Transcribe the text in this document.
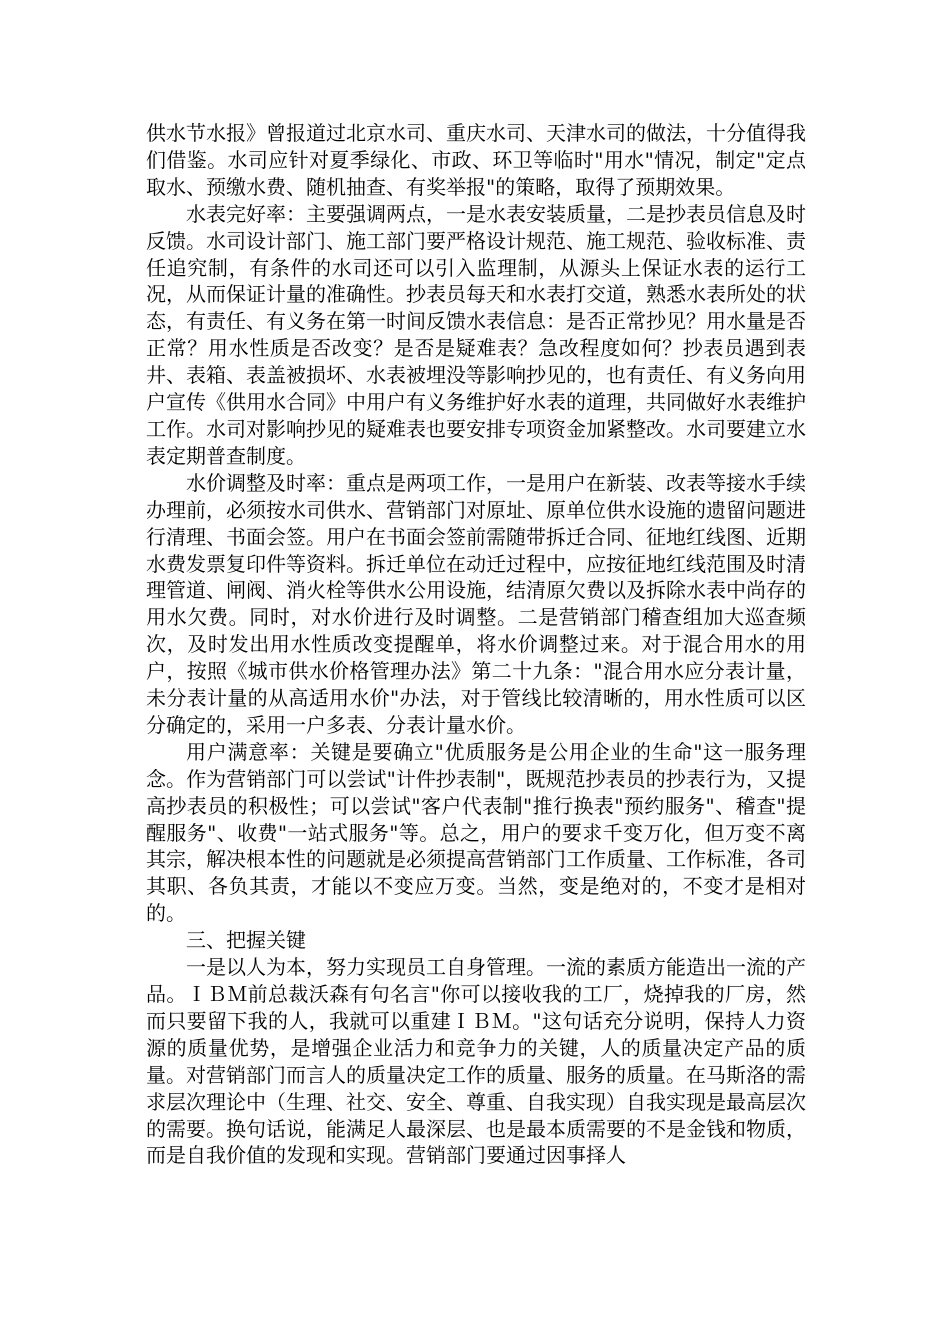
供水节水报》曾报道过北京水司、重庆水司、天津水司的做法，十分值得我们借鉴。水司应针对夏季绿化、市政、环卫等临时"用水"情况，制定"定点取水、预缴水费、随机抽查、有奖举报"的策略，取得了预期效果。

水表完好率：主要强调两点，一是水表安装质量，二是抄表员信息及时反馈。水司设计部门、施工部门要严格设计规范、施工规范、验收标准、责任追究制，有条件的水司还可以引入监理制，从源头上保证水表的运行工况，从而保证计量的准确性。抄表员每天和水表打交道，熟悉水表所处的状态，有责任、有义务在第一时间反馈水表信息：是否正常抄见？用水量是否正常？用水性质是否改变？是否是疑难表？急改程度如何？抄表员遇到表井、表箱、表盖被损坏、水表被埋没等影响抄见的，也有责任、有义务向用户宣传《供用水合同》中用户有义务维护好水表的道理，共同做好水表维护工作。水司对影响抄见的疑难表也要安排专项资金加紧整改。水司要建立水表定期普查制度。

水价调整及时率：重点是两项工作，一是用户在新装、改表等接水手续办理前，必须按水司供水、营销部门对原址、原单位供水设施的遗留问题进行清理、书面会签。用户在书面会签前需随带拆迁合同、征地红线图、近期水费发票复印件等资料。拆迁单位在动迁过程中，应按征地红线范围及时清理管道、闸阀、消火栓等供水公用设施，结清原欠费以及拆除水表中尚存的用水欠费。同时，对水价进行及时调整。二是营销部门稽查组加大巡查频次，及时发出用水性质改变提醒单，将水价调整过来。对于混合用水的用户，按照《城市供水价格管理办法》第二十九条："混合用水应分表计量，未分表计量的从高适用水价"办法，对于管线比较清晰的，用水性质可以区分确定的，采用一户多表、分表计量水价。

用户满意率：关键是要确立"优质服务是公用企业的生命"这一服务理念。作为营销部门可以尝试"计件抄表制"，既规范抄表员的抄表行为，又提高抄表员的积极性；可以尝试"客户代表制"推行换表"预约服务"、稽查"提醒服务"、收费"一站式服务"等。总之，用户的要求千变万化，但万变不离其宗，解决根本性的问题就是必须提高营销部门工作质量、工作标准，各司其职、各负其责，才能以不变应万变。当然，变是绝对的，不变才是相对的。

三、把握关键

一是以人为本，努力实现员工自身管理。一流的素质方能造出一流的产品。ＩＢＭ前总裁沃森有句名言"你可以接收我的工厂，烧掉我的厂房，然而只要留下我的人，我就可以重建ＩＢＭ。"这句话充分说明，保持人力资源的质量优势，是增强企业活力和竞争力的关键，人的质量决定产品的质量。对营销部门而言人的质量决定工作的质量、服务的质量。在马斯洛的需求层次理论中（生理、社交、安全、尊重、自我实现）自我实现是最高层次的需要。换句话说，能满足人最深层、也是最本质需要的不是金钱和物质，而是自我价值的发现和实现。营销部门要通过因事择人
